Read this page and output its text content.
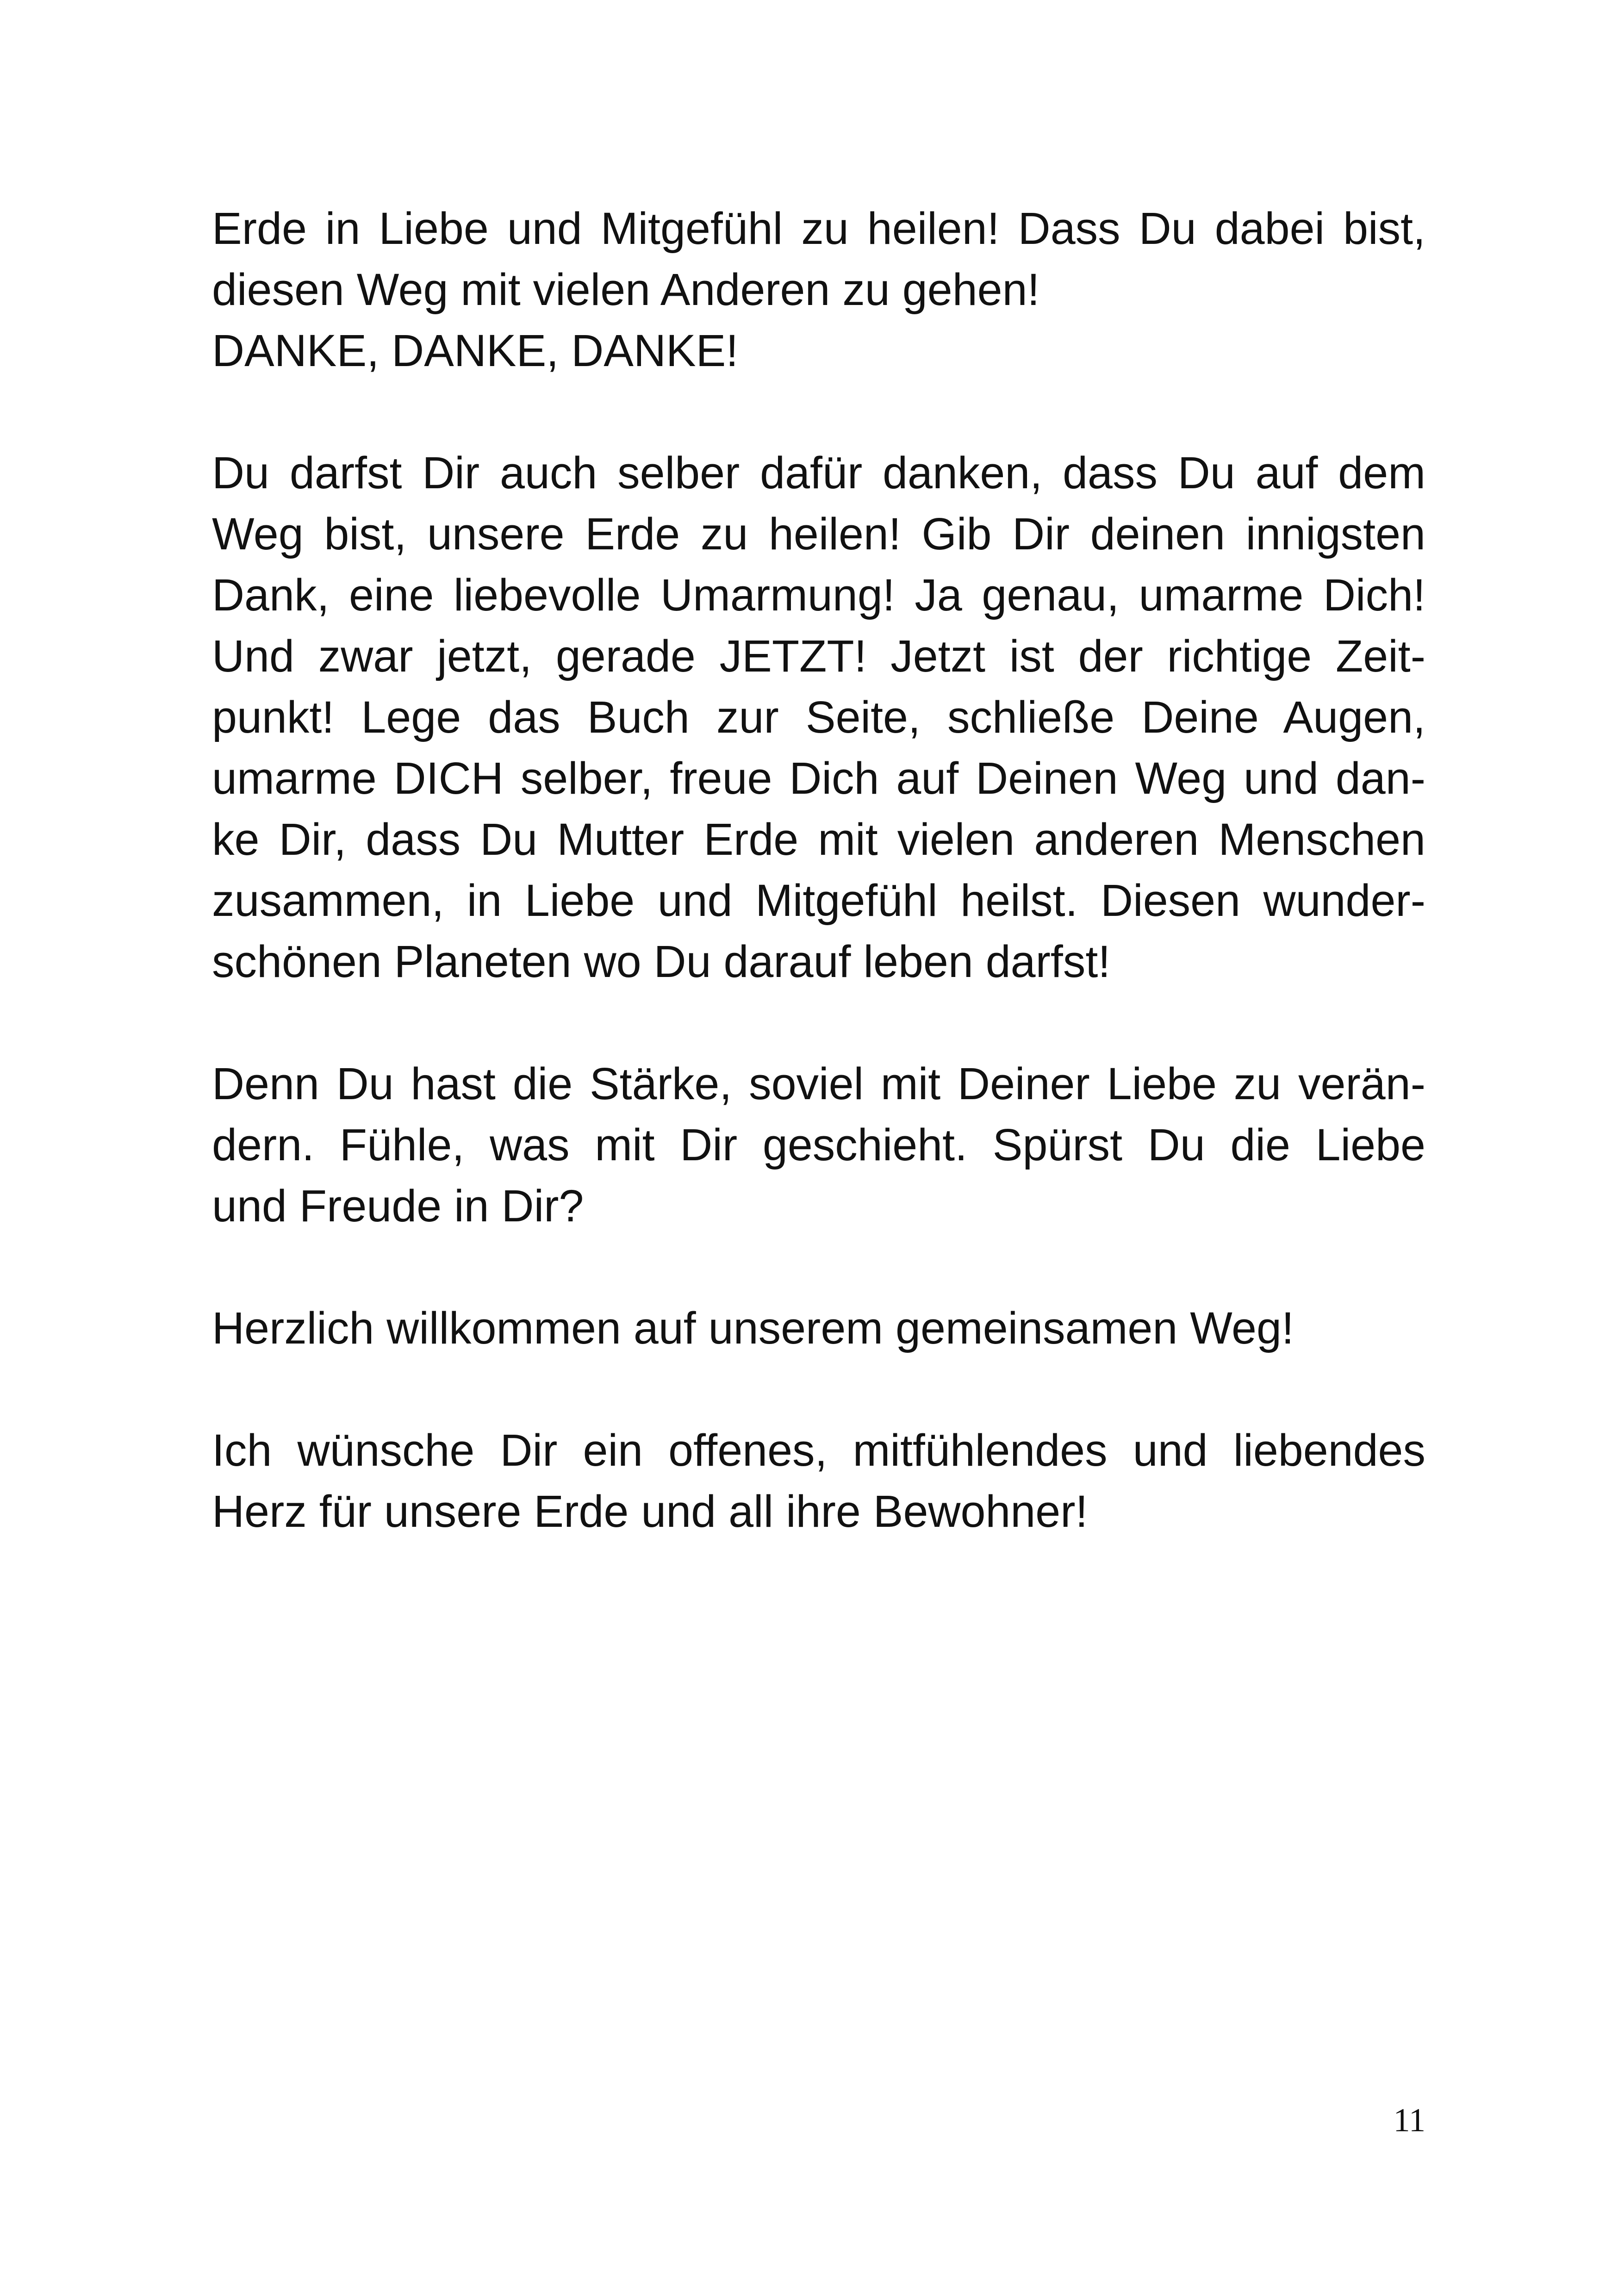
Erde in Liebe und Mitgefühl zu heilen! Dass Du dabei bist,
diesen Weg mit vielen Anderen zu gehen!
DANKE, DANKE, DANKE!
Du darfst Dir auch selber dafür danken, dass Du auf dem
Weg bist, unsere Erde zu heilen! Gib Dir deinen innigsten
Dank, eine liebevolle Umarmung! Ja genau, umarme Dich!
Und zwar jetzt, gerade JETZT! Jetzt ist der richtige Zeit-
punkt! Lege das Buch zur Seite, schließe Deine Augen,
umarme DICH selber, freue Dich auf Deinen Weg und dan-
ke Dir, dass Du Mutter Erde mit vielen anderen Menschen
zusammen, in Liebe und Mitgefühl heilst. Diesen wunder-
schönen Planeten wo Du darauf leben darfst!
Denn Du hast die Stärke, soviel mit Deiner Liebe zu verän-
dern. Fühle, was mit Dir geschieht. Spürst Du die Liebe
und Freude in Dir?
Herzlich willkommen auf unserem gemeinsamen Weg!
Ich wünsche Dir ein offenes, mitfühlendes und liebendes
Herz für unsere Erde und all ihre Bewohner!
11
